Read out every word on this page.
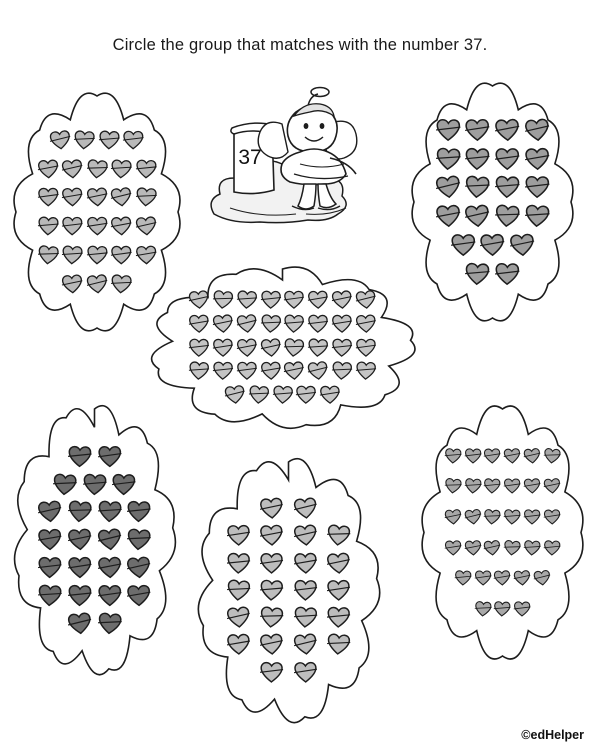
Circle the group that matches with the number 37.
37
©edHelper
